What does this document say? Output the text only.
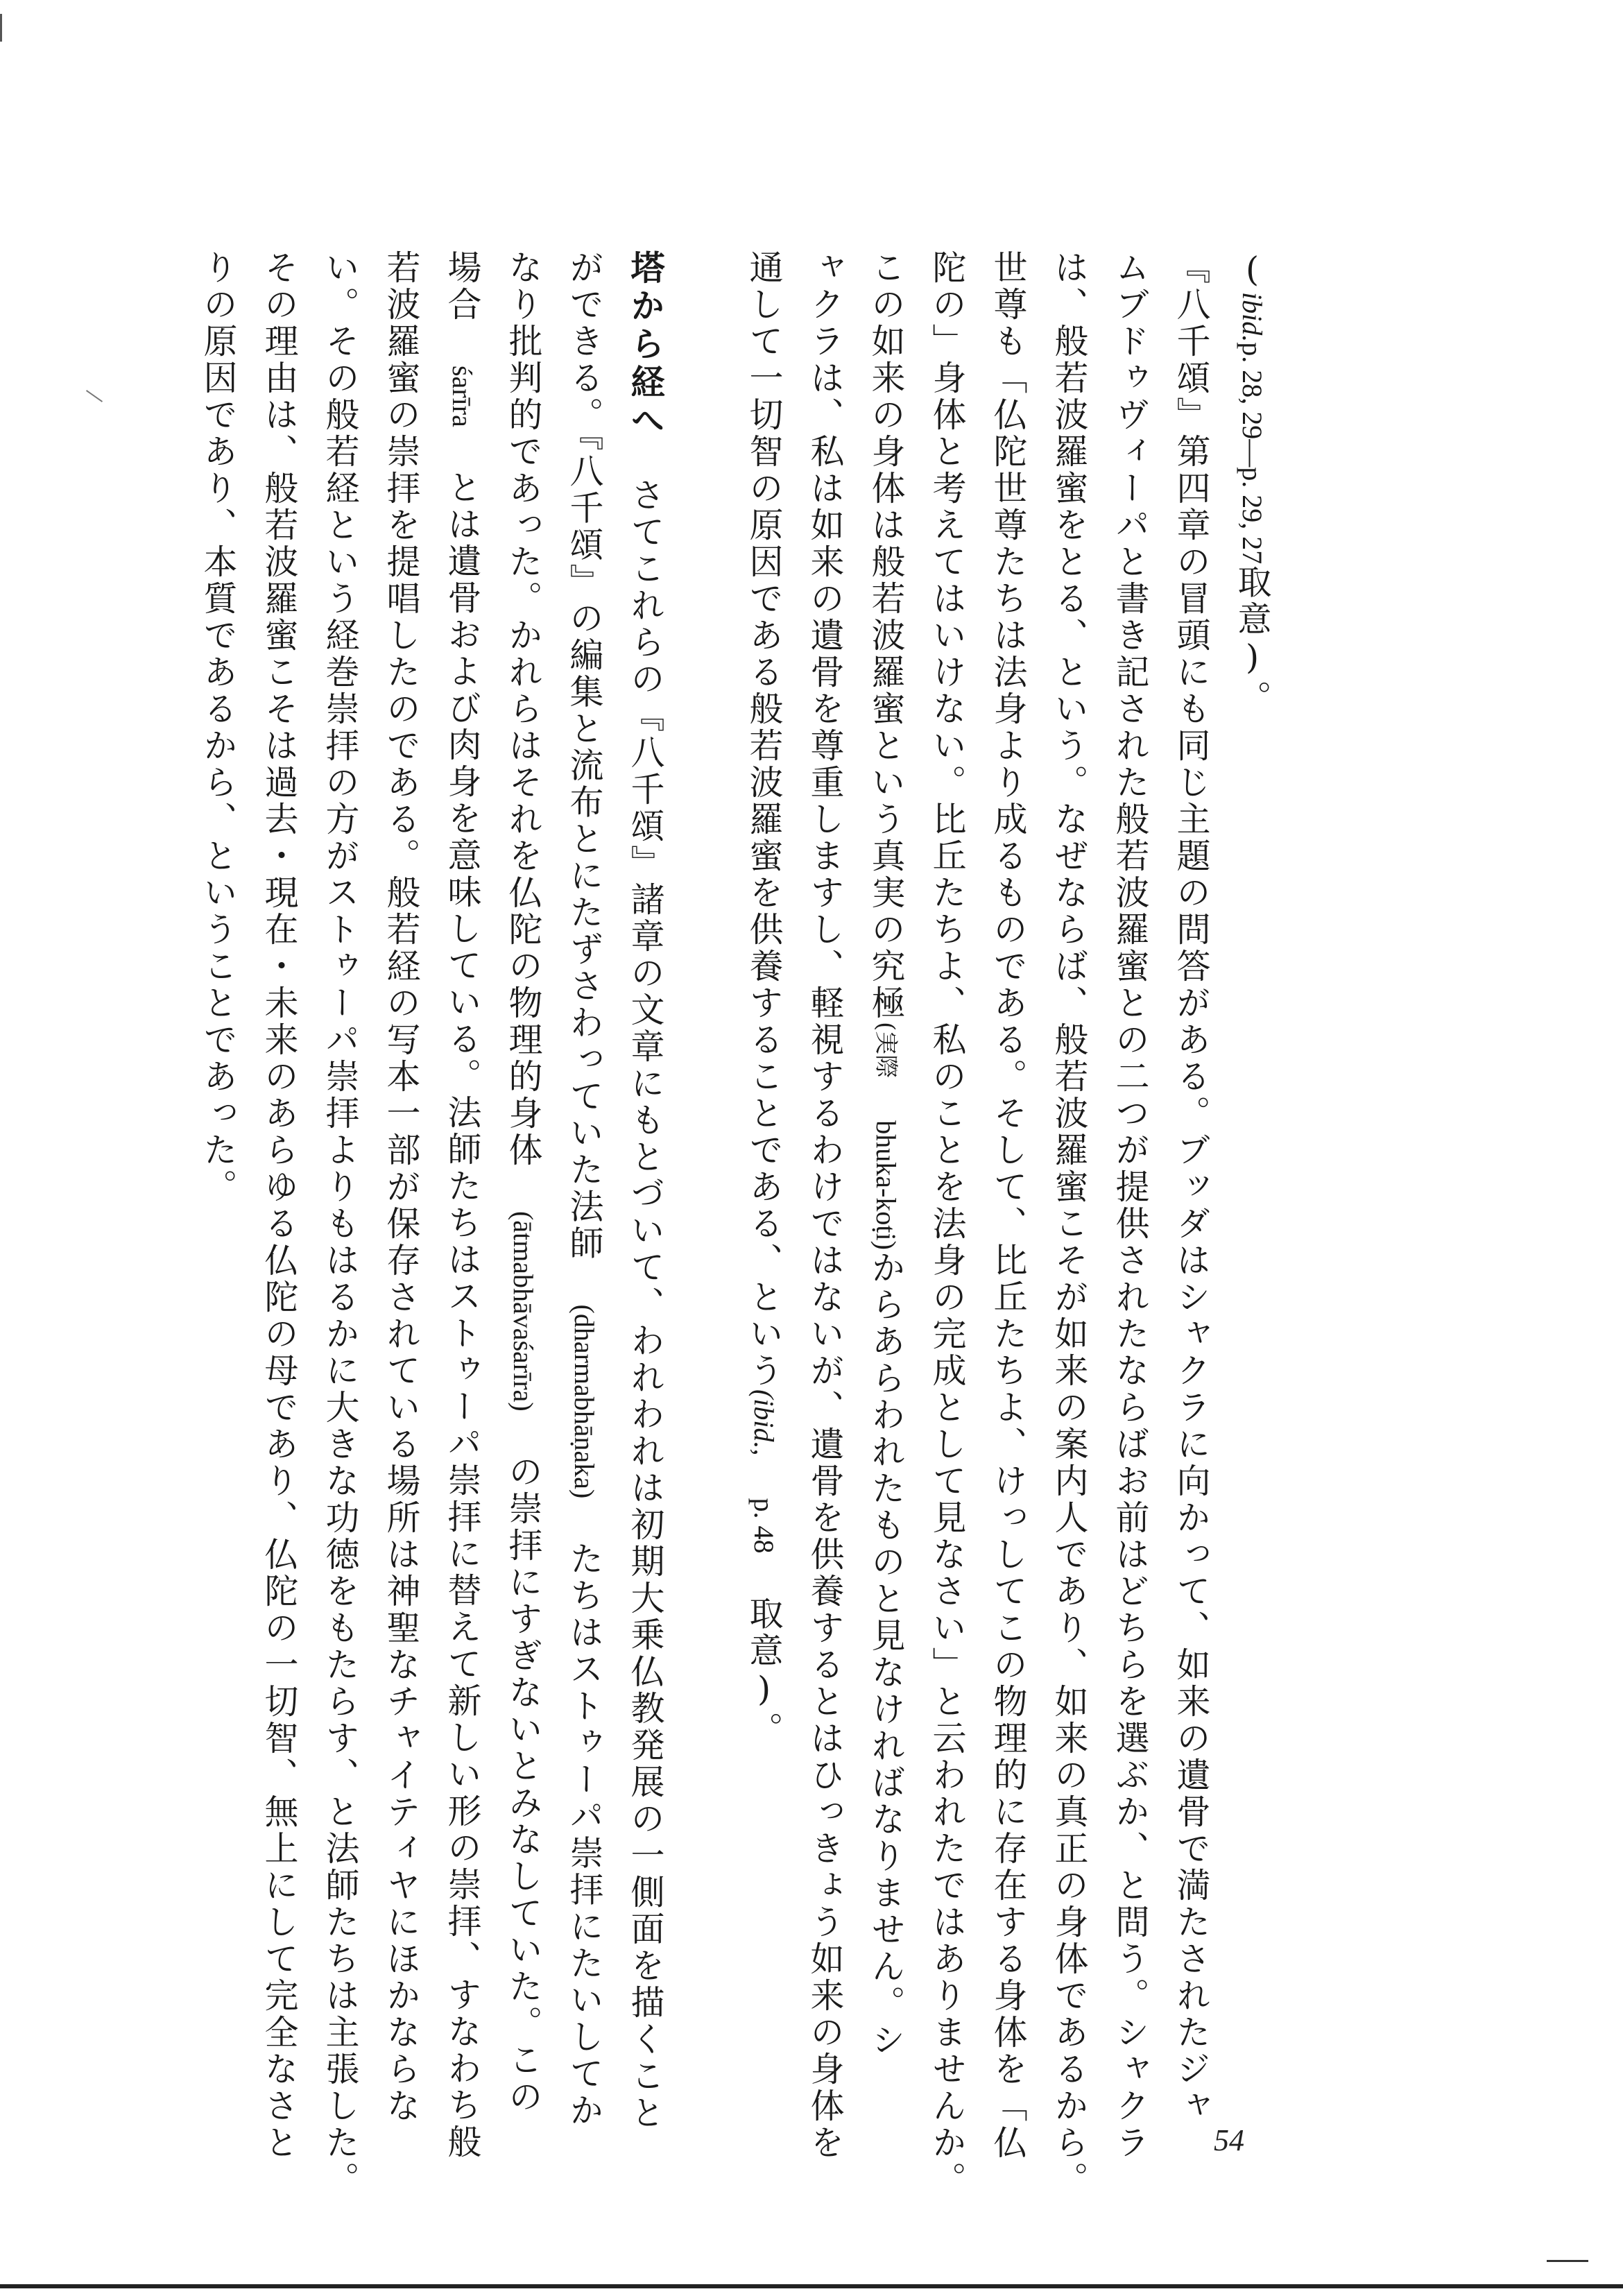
(ibid.p. 28, 29—p. 29, 27取意)。
『八千頌』第四章の冒頭にも同じ主題の問答がある。ブッダはシャクラに向かって、如来の遺骨で満たされたジャ
ムブドゥヴィーパと書き記された般若波羅蜜との二つが提供されたならばお前はどちらを選ぶか、と問う。シャクラ
は、般若波羅蜜をとる、という。なぜならば、般若波羅蜜こそが如来の案内人であり、如来の真正の身体であるから。
世尊も「仏陀世尊たちは法身より成るものである。そして、比丘たちよ、けっしてこの物理的に存在する身体を「仏
陀の」身体と考えてはいけない。比丘たちよ、私のことを法身の完成として見なさい」と云われたではありませんか。
この如来の身体は般若波羅蜜という真実の究極(実際 bhuka-koṭi)からあらわれたものと見なければなりません。シ
ャクラは、私は如来の遺骨を尊重しますし、軽視するわけではないが、遺骨を供養するとはひっきょう如来の身体を
通して一切智の原因である般若波羅蜜を供養することである、という(ibid., p. 48 取意)。
塔から経へ　さてこれらの『八千頌』諸章の文章にもとづいて、われわれは初期大乗仏教発展の一側面を描くこと
ができる。『八千頌』の編集と流布とにたずさわっていた法師 (dharmabhāṇaka) たちはストゥーパ崇拝にたいしてか
なり批判的であった。かれらはそれを仏陀の物理的身体 (ātmabhāvaśarīra) の崇拝にすぎないとみなしていた。この
場合 śarīra とは遺骨および肉身を意味している。法師たちはストゥーパ崇拝に替えて新しい形の崇拝、すなわち般
若波羅蜜の崇拝を提唱したのである。般若経の写本一部が保存されている場所は神聖なチャイティヤにほかならな
い。その般若経という経巻崇拝の方がストゥーパ崇拝よりもはるかに大きな功徳をもたらす、と法師たちは主張した。
その理由は、般若波羅蜜こそは過去・現在・未来のあらゆる仏陀の母であり、仏陀の一切智、無上にして完全なさと
りの原因であり、本質であるから、ということであった。
54
